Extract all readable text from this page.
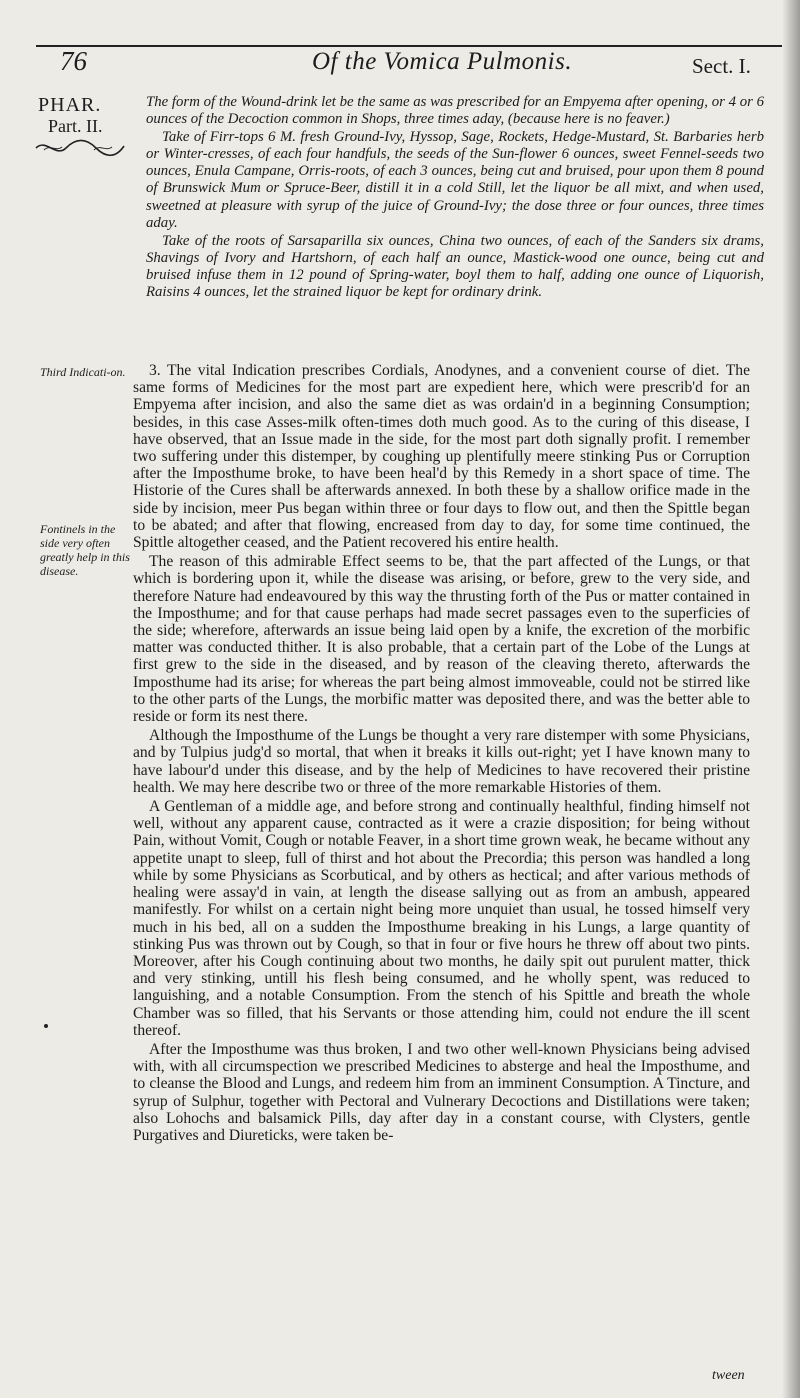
76	Of the Vomica Pulmonis.	Sect. I.
PHAR.
Part. II.

The form of the Wound-drink let be the same as was prescribed for an Empyema after opening, or 4 or 6 ounces of the Decoction common in Shops, three times aday, (because here is no feaver.)

Take of Firr-tops 6 M. fresh Ground-Ivy, Hyssop, Sage, Rockets, Hedge-Mustard, St. Barbaries herb or Winter-cresses, of each four handfuls, the seeds of the Sun-flower 6 ounces, sweet Fennel-seeds two ounces, Enula Campane, Orris-roots, of each 3 ounces, being cut and bruised, pour upon them 8 pound of Brunswick Mum or Spruce-Beer, distill it in a cold Still, let the liquor be all mixt, and when used, sweetned at pleasure with syrup of the juice of Ground-Ivy; the dose three or four ounces, three times aday.

Take of the roots of Sarsaparilla six ounces, China two ounces, of each of the Sanders six drams, Shavings of Ivory and Hartshorn, of each half an ounce, Mastick-wood one ounce, being cut and bruised infuse them in 12 pound of Spring-water, boyl them to half, adding one ounce of Liquorish, Raisins 4 ounces, let the strained liquor be kept for ordinary drink.

Third Indicati-on.
Fontinels in the side very often greatly help in this disease.

3. The vital Indication prescribes Cordials, Anodynes, and a convenient course of diet. The same forms of Medicines for the most part are expedient here, which were prescrib'd for an Empyema after incision, and also the same diet as was ordain'd in a beginning Consumption; besides, in this case Asses-milk often-times doth much good. As to the curing of this disease, I have observed, that an Issue made in the side, for the most part doth signally profit. I remember two suffering under this distemper, by coughing up plentifully meere stinking Pus or Corruption after the Imposthume broke, to have been heal'd by this Remedy in a short space of time. The Historie of the Cures shall be afterwards annexed. In both these by a shallow orifice made in the side by incision, meer Pus began within three or four days to flow out, and then the Spittle began to be abated; and after that flowing, encreased from day to day, for some time continued, the Spittle altogether ceased, and the Patient recovered his entire health.

The reason of this admirable Effect seems to be, that the part affected of the Lungs, or that which is bordering upon it, while the disease was arising, or before, grew to the very side, and therefore Nature had endeavoured by this way the thrusting forth of the Pus or matter contained in the Imposthume; and for that cause perhaps had made secret passages even to the superficies of the side; wherefore, afterwards an issue being laid open by a knife, the excretion of the morbific matter was conducted thither. It is also probable, that a certain part of the Lobe of the Lungs at first grew to the side in the diseased, and by reason of the cleaving thereto, afterwards the Imposthume had its arise; for whereas the part being almost immoveable, could not be stirred like to the other parts of the Lungs, the morbific matter was deposited there, and was the better able to reside or form its nest there.

Although the Imposthume of the Lungs be thought a very rare distemper with some Physicians, and by Tulpius judg'd so mortal, that when it breaks it kills out-right; yet I have known many to have labour'd under this disease, and by the help of Medicines to have recovered their pristine health. We may here describe two or three of the more remarkable Histories of them.

A Gentleman of a middle age, and before strong and continually healthful, finding himself not well, without any apparent cause, contracted as it were a crazie disposition; for being without Pain, without Vomit, Cough or notable Feaver, in a short time grown weak, he became without any appetite unapt to sleep, full of thirst and hot about the Precordia; this person was handled a long while by some Physicians as Scorbutical, and by others as hectical; and after various methods of healing were assay'd in vain, at length the disease sallying out as from an ambush, appeared manifestly. For whilst on a certain night being more unquiet than usual, he tossed himself very much in his bed, all on a sudden the Imposthume breaking in his Lungs, a large quantity of stinking Pus was thrown out by Cough, so that in four or five hours he threw off about two pints. Moreover, after his Cough continuing about two months, he daily spit out purulent matter, thick and very stinking, untill his flesh being consumed, and he wholly spent, was reduced to languishing, and a notable Consumption. From the stench of his Spittle and breath the whole Chamber was so filled, that his Servants or those attending him, could not endure the ill scent thereof.

After the Imposthume was thus broken, I and two other well-known Physicians being advised with, with all circumspection we prescribed Medicines to absterge and heal the Imposthume, and to cleanse the Blood and Lungs, and redeem him from an imminent Consumption. A Tincture, and syrup of Sulphur, together with Pectoral and Vulnerary Decoctions and Distillations were taken; also Lohochs and balsamick Pills, day after day in a constant course, with Clysters, gentle Purgatives and Diureticks, were taken be-

tween
